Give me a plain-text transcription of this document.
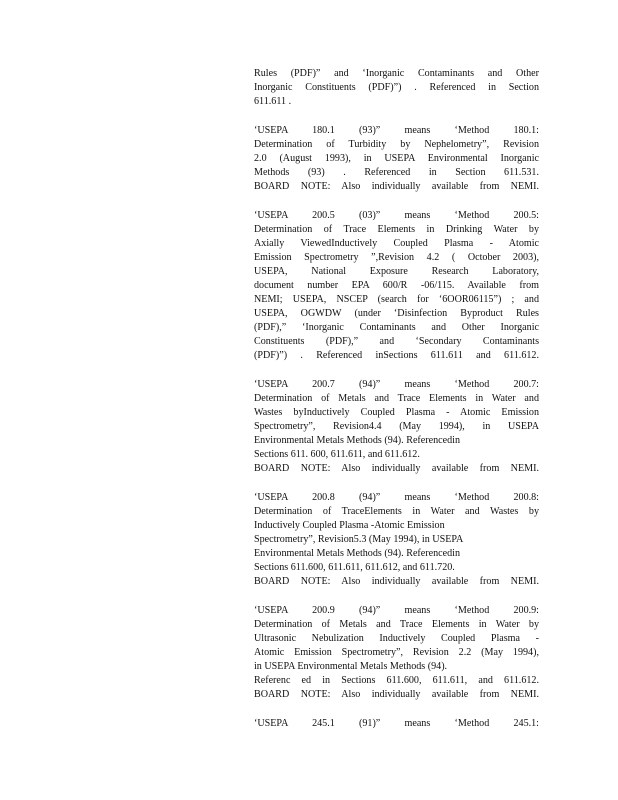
Rules (PDF)” and ‘Inorganic Contaminants and Other
Inorganic Constituents (PDF)”) . Referenced in Section
611.611 .
‘USEPA 180.1 (93)” means ‘Method 180.1:
Determination of Turbidity by Nephelometry”, Revision
2.0 (August 1993), in USEPA Environmental Inorganic
Methods (93) . Referenced in Section 611.531.
BOARD NOTE: Also individually available from NEMI.
‘USEPA 200.5 (03)” means ‘Method 200.5:
Determination of Trace Elements in Drinking Water by
Axially ViewedInductively Coupled Plasma - Atomic
Emission Spectrometry ”,Revision 4.2 ( October 2003),
USEPA, National Exposure Research Laboratory,
document number EPA 600/R -06/115. Available from
NEMI; USEPA, NSCEP (search for ‘6OOR06115”) ; and
USEPA, OGWDW (under ‘Disinfection Byproduct Rules
(PDF),” ‘Inorganic Contaminants and Other Inorganic
Constituents (PDF),” and ‘Secondary Contaminants
(PDF)”) . Referenced inSections 611.611 and 611.612.
‘USEPA 200.7 (94)” means ‘Method 200.7:
Determination of Metals and Trace Elements in Water and
Wastes byInductively Coupled Plasma - Atomic Emission
Spectrometry”, Revision4.4 (May 1994), in USEPA
Environmental Metals Methods (94). Referencedin
Sections 611. 600, 611.611, and 611.612.
BOARD NOTE: Also individually available from NEMI.
‘USEPA 200.8 (94)” means ‘Method 200.8:
Determination of TraceElements in Water and Wastes by
Inductively Coupled Plasma -Atomic Emission
Spectrometry”, Revision5.3 (May 1994), in USEPA
Environmental Metals Methods (94). Referencedin
Sections 611.600, 611.611, 611.612, and 611.720.
BOARD NOTE: Also individually available from NEMI.
‘USEPA 200.9 (94)” means ‘Method 200.9:
Determination of Metals and Trace Elements in Water by
Ultrasonic Nebulization Inductively Coupled Plasma -
Atomic Emission Spectrometry”, Revision 2.2 (May 1994),
in USEPA Environmental Metals Methods (94).
Referenc ed in Sections 611.600, 611.611, and 611.612.
BOARD NOTE: Also individually available from NEMI.
‘USEPA 245.1 (91)” means ‘Method 245.1:
